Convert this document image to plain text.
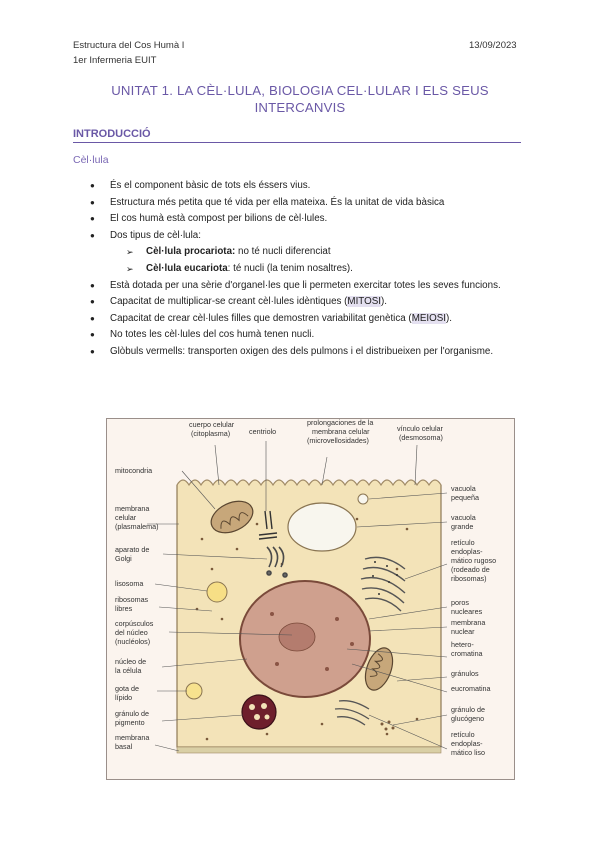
Estructura del Cos Humà I	13/09/2023
1er Infermeria EUIT
UNITAT 1. LA CÈL·LULA, BIOLOGIA CEL·LULAR I ELS SEUS INTERCANVIS
INTRODUCCIÓ
Cèl·lula
● És el component bàsic de tots els éssers vius.
● Estructura més petita que té vida per ella mateixa. És la unitat de vida bàsica
● El cos humà està compost per bilions de cèl·lules.
● Dos tipus de cèl·lula:
➢ Cèl·lula procariota: no té nucli diferenciat
➢ Cèl·lula eucariota: té nucli (la tenim nosaltres).
● Està dotada per una sèrie d'organel·les que li permeten exercitar totes les seves funcions.
● Capacitat de multiplicar-se creant cèl·lules idèntiques (MITOSI).
● Capacitat de crear cèl·lules filles que demostren variabilitat genètica (MEIOSI).
● No totes les cèl·lules del cos humà tenen nucli.
● Glòbuls vermells: transporten oxigen des dels pulmons i el distribueixen per l'organisme.
cuerpo celular
(citoplasma)	centriolo
prolongaciones de la
membrana celular
(microvellosidades)
vínculo celular
(desmosoma)
mitocondria
membrana
celular
(plasmalema)
aparato de
Golgi
lisosoma
ribosomas
libres
corpúsculos
del núcleo
(nucléolos)
núcleo de
la célula
gota de
lípido
gránulo de
pigmento
membrana
basal
vacuola
pequeña
vacuola
grande
retículo
endoplas-
mático rugoso
(rodeado de
ribosomas)
poros
nucleares
membrana
nuclear
hetero-
cromatina
gránulos
eucromatina
gránulo de
glucógeno
retículo
endoplas-
mático liso
